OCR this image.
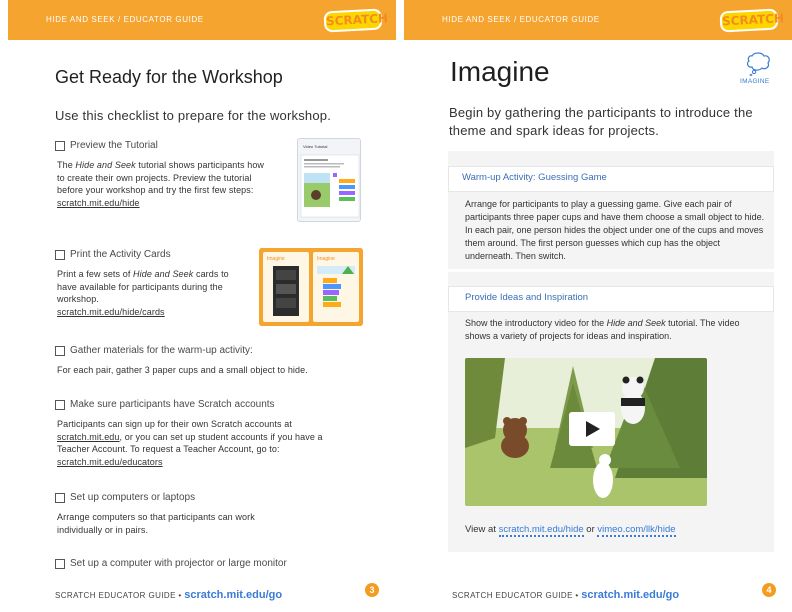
HIDE AND SEEK / EDUCATOR GUIDE	SCRATCH	HIDE AND SEEK / EDUCATOR GUIDE	SCRATCH
Get Ready for the Workshop
Use this checklist to prepare for the workshop.
Preview the Tutorial
The Hide and Seek tutorial shows participants how to create their own projects. Preview the tutorial before your workshop and try the first few steps:
scratch.mit.edu/hide
Video Tutorial
Print the Activity Cards
Print a few sets of Hide and Seek cards to have available for participants during the workshop.
scratch.mit.edu/hide/cards
Imagine	Imagine
Gather materials for the warm-up activity:
For each pair, gather 3 paper cups and a small object to hide.
Make sure participants have Scratch accounts
Participants can sign up for their own Scratch accounts at scratch.mit.edu, or you can set up student accounts if you have a Teacher Account. To request a Teacher Account, go to:
scratch.mit.edu/educators
Set up computers or laptops
Arrange computers so that participants can work individually or in pairs.
Set up a computer with projector or large monitor
SCRATCH EDUCATOR GUIDE • scratch.mit.edu/go	3
Imagine	IMAGINE
Begin by gathering the participants to introduce the theme and spark ideas for projects.
Warm-up Activity: Guessing Game
Arrange for participants to play a guessing game. Give each pair of participants three paper cups and have them choose a small object to hide. In each pair, one person hides the object under one of the cups and moves them around. The first person guesses which cup has the object underneath. Then switch.
Provide Ideas and Inspiration
Show the introductory video for the Hide and Seek tutorial. The video shows a variety of projects for ideas and inspiration.
View at scratch.mit.edu/hide or vimeo.com/llk/hide
SCRATCH EDUCATOR GUIDE • scratch.mit.edu/go	4
